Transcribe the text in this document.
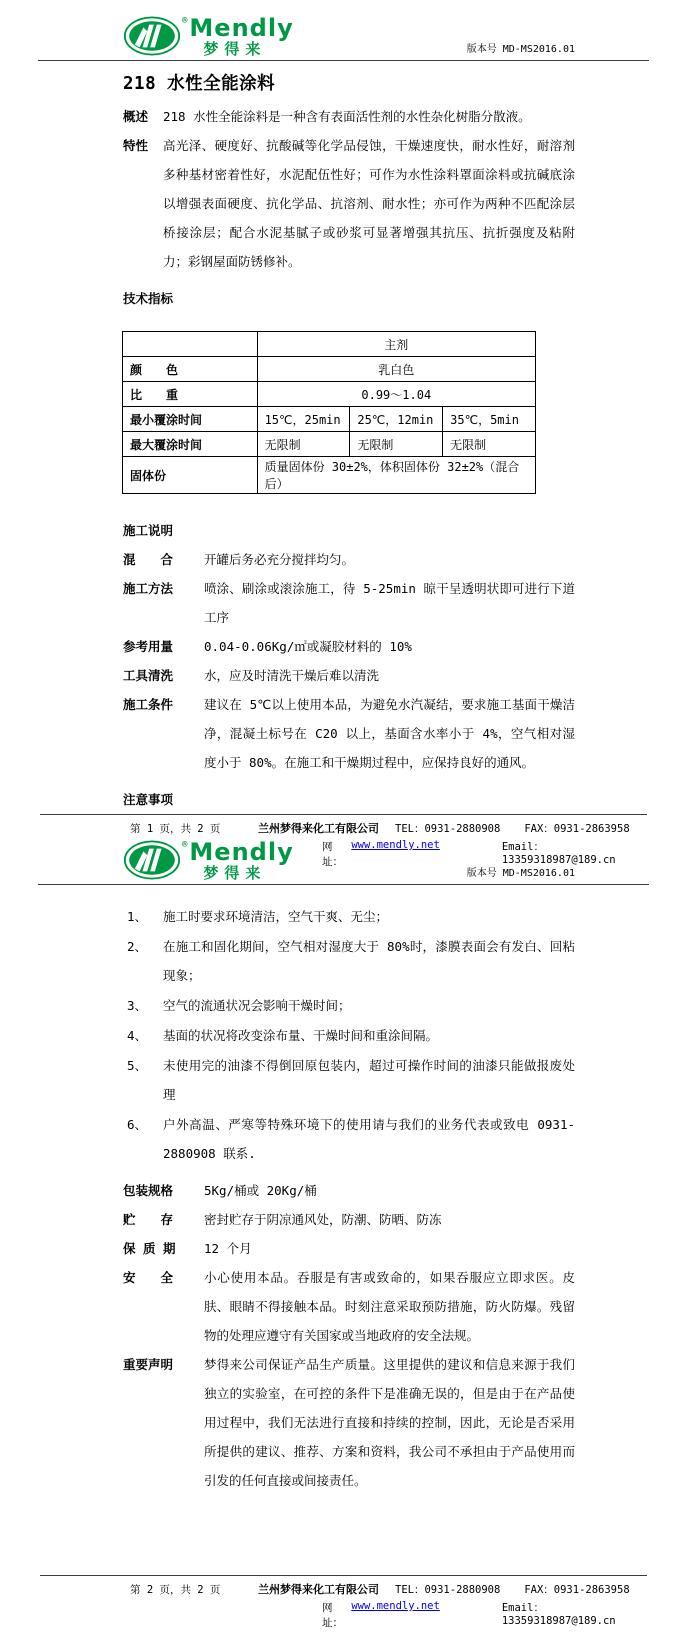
® Mendly
梦得来	版本号 MD-MS2016.01
218 水性全能涂料
概述	218 水性全能涂料是一种含有表面活性剂的水性杂化树脂分散液。
特性	高光泽、硬度好、抗酸碱等化学品侵蚀，干燥速度快，耐水性好，耐溶剂 多种基材密着性好，水泥配伍性好；可作为水性涂料罩面涂料或抗碱底涂以增强表面硬度、抗化学品、抗溶剂、耐水性；亦可作为两种不匹配涂层桥接涂层；配合水泥基腻子或砂浆可显著增强其抗压、抗折强度及粘附力；彩钢屋面防锈修补。
技术指标
	主剂		
颜　　色	乳白色		
比　　重	0.99～1.04		
最小覆涂时间	15℃，25min	25℃，12min	35℃，5min
最大覆涂时间	无限制	无限制	无限制
固体份	质量固体份 30±2%，体积固体份 32±2%（混合后）		
施工说明
混　　合	开罐后务必充分搅拌均匀。
施工方法	喷涂、刷涂或滚涂施工，待 5-25min 晾干呈透明状即可进行下道工序
参考用量	0.04-0.06Kg/㎡或凝胶材料的 10%
工具清洗	水，应及时清洗干燥后难以清洗
施工条件	建议在 5℃以上使用本品，为避免水汽凝结，要求施工基面干燥洁净，混凝土标号在 C20 以上，基面含水率小于 4%，空气相对湿度小于 80%。在施工和干燥期过程中，应保持良好的通风。
注意事项
第 1 页，共 2 页	兰州梦得来化工有限公司 TEL：0931-2880908 FAX：0931-2863958
网址：
www.mendly.net	Email：13359318987@189.cn
® Mendly
梦得来	版本号 MD-MS2016.01
1、	施工时要求环境清洁，空气干爽、无尘；
2、	在施工和固化期间，空气相对湿度大于 80%时，漆膜表面会有发白、回粘现象；
3、	空气的流通状况会影响干燥时间；
4、	基面的状况将改变涂布量、干燥时间和重涂间隔。
5、	未使用完的油漆不得倒回原包装内，超过可操作时间的油漆只能做报废处理
6、	户外高温、严寒等特殊环境下的使用请与我们的业务代表或致电 0931-2880908 联系.
包装规格	5Kg/桶或 20Kg/桶
贮　　存	密封贮存于阴凉通风处，防潮、防晒、防冻
保 质 期	12 个月
安　　全	小心使用本品。吞服是有害或致命的，如果吞服应立即求医。皮肤、眼睛不得接触本品。时刻注意采取预防措施，防火防爆。残留物的处理应遵守有关国家或当地政府的安全法规。
重要声明	梦得来公司保证产品生产质量。这里提供的建议和信息来源于我们独立的实验室，在可控的条件下是准确无误的，但是由于在产品使用过程中，我们无法进行直接和持续的控制，因此，无论是否采用所提供的建议、推荐、方案和资料，我公司不承担由于产品使用而引发的任何直接或间接责任。
第 2 页，共 2 页	兰州梦得来化工有限公司 TEL：0931-2880908 FAX：0931-2863958
网址：
www.mendly.net	Email：13359318987@189.cn
